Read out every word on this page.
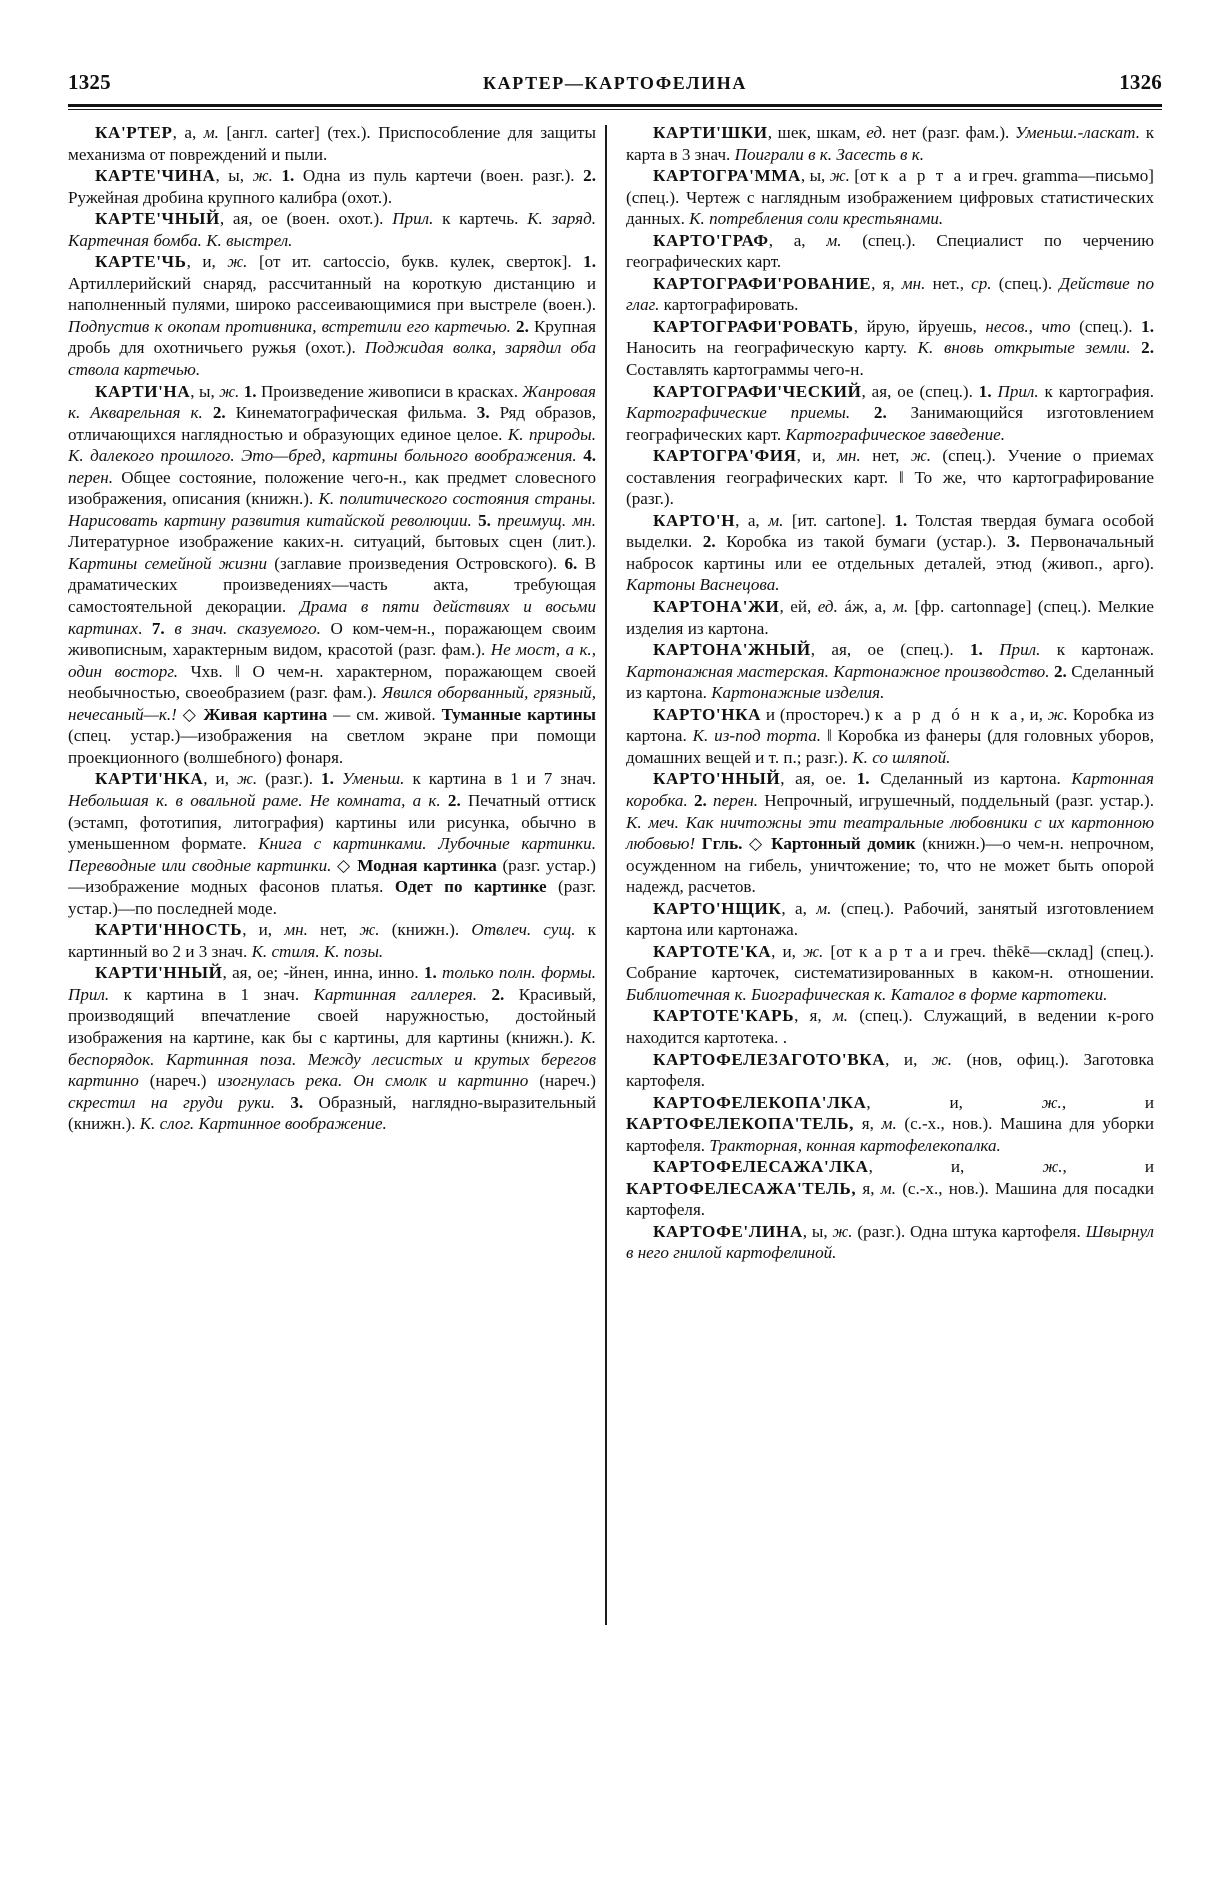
1325	КАРТЕР—КАРТОФЕЛИНА	1326

КА'РТЕР, а, м. [англ. carter] (тех.). Приспособление для защиты механизма от повреждений и пыли.

КАРТЕ'ЧИНА, ы, ж. 1. Одна из пуль картечи (воен. разг.). 2. Ружейная дробина крупного калибра (охот.).

КАРТЕ'ЧНЫЙ, ая, ое (воен. охот.). Прил. к картечь. К. заряд. Картечная бомба. К. выстрел.

КАРТЕ'ЧЬ, и, ж. [от ит. cartoccio, букв. кулек, сверток]. 1. Артиллерийский снаряд, рассчитанный на короткую дистанцию и наполненный пулями, широко рассеивающимися при выстреле (воен.). Подпустив к окопам противника, встретили его картечью. 2. Крупная дробь для охотничьего ружья (охот.). Поджидая волка, зарядил оба ствола картечью.

КАРТИ'НА, ы, ж. 1. Произведение живописи в красках. Жанровая к. Акварельная к. 2. Кинематографическая фильма. 3. Ряд образов, отличающихся наглядностью и образующих единое целое. К. природы. К. далекого прошлого. Это—бред, картины больного воображения. 4. перен. Общее состояние, положение чего-н., как предмет словесного изображения, описания (книжн.). К. политического состояния страны. Нарисовать картину развития китайской революции. 5. преимущ. мн. Литературное изображение каких-н. ситуаций, бытовых сцен (лит.). Картины семейной жизни (заглавие произведения Островского). 6. В драматических произведениях—часть акта, требующая самостоятельной декорации. Драма в пяти действиях и восьми картинах. 7. в знач. сказуемого. О ком-чем-н., поражающем своим живописным, характерным видом, красотой (разг. фам.). Не мост, а к., один восторг. Чхв. ‖ О чем-н. характерном, поражающем своей необычностью, своеобразием (разг. фам.). Явился оборванный, грязный, нечесаный—к.! ◇ Живая картина — см. живой. Туманные картины (спец. устар.)—изображения на светлом экране при помощи проекционного (волшебного) фонаря.

КАРТИ'НКА, и, ж. (разг.). 1. Уменьш. к картина в 1 и 7 знач. Небольшая к. в овальной раме. Не комната, а к. 2. Печатный оттиск (эстамп, фототипия, литография) картины или рисунка, обычно в уменьшенном формате. Книга с картинками. Лубочные картинки. Переводные или сводные картинки. ◇ Модная картинка (разг. устар.)—изображение модных фасонов платья. Одет по картинке (разг. устар.)—по последней моде.

КАРТИ'ННОСТЬ, и, мн. нет, ж. (книжн.). Отвлеч. сущ. к картинный во 2 и 3 знач. К. стиля. К. позы.

КАРТИ'ННЫЙ, ая, ое; -йнен, инна, инно. 1. только полн. формы. Прил. к картина в 1 знач. Картинная галлерея. 2. Красивый, производящий впечатление своей наружностью, достойный изображения на картине, как бы с картины, для картины (книжн.). К. беспорядок. Картинная поза. Между лесистых и крутых берегов картинно (нареч.) изогнулась река. Он смолк и картинно (нареч.) скрестил на груди руки. 3. Образный, наглядно-выразительный (книжн.). К. слог. Картинное воображение.

КАРТИ'ШКИ, шек, шкам, ед. нет (разг. фам.). Уменьш.-ласкат. к карта в 3 знач. Поиграли в к. Засесть в к.

КАРТОГРА'ММА, ы, ж. [от к а р т а и греч. gramma—письмо] (спец.). Чертеж с наглядным изображением цифровых статистических данных. К. потребления соли крестьянами.

КАРТО'ГРАФ, а, м. (спец.). Специалист по черчению географических карт.

КАРТОГРАФИ'РОВАНИЕ, я, мн. нет., ср. (спец.). Действие по глаг. картографировать.

КАРТОГРАФИ'РОВАТЬ, йрую, йруешь, несов., что (спец.). 1. Наносить на географическую карту. К. вновь открытые земли. 2. Составлять картограммы чего-н.

КАРТОГРАФИ'ЧЕСКИЙ, ая, ое (спец.). 1. Прил. к картография. Картографические приемы. 2. Занимающийся изготовлением географических карт. Картографическое заведение.

КАРТОГРА'ФИЯ, и, мн. нет, ж. (спец.). Учение о приемах составления географических карт. ‖ То же, что картографирование (разг.).

КАРТО'Н, а, м. [ит. cartone]. 1. Толстая твердая бумага особой выделки. 2. Коробка из такой бумаги (устар.). 3. Первоначальный набросок картины или ее отдельных деталей, этюд (живоп., арго). Картоны Васнецова.

КАРТОНА'ЖИ, ей, ед. áж, а, м. [фр. cartonnage] (спец.). Мелкие изделия из картона.

КАРТОНА'ЖНЫЙ, ая, ое (спец.). 1. Прил. к картонаж. Картонажная мастерская. Картонажное производство. 2. Сделанный из картона. Картонажные изделия.

КАРТО'НКА и (простореч.) к а р д ó н к а, и, ж. Коробка из картона. К. из-под торта. ‖ Коробка из фанеры (для головных уборов, домашних вещей и т. п.; разг.). К. со шляпой.

КАРТО'ННЫЙ, ая, ое. 1. Сделанный из картона. Картонная коробка. 2. перен. Непрочный, игрушечный, поддельный (разг. устар.). К. меч. Как ничтожны эти театральные любовники с их картонною любовью! Ггль. ◇ Картонный домик (книжн.)—о чем-н. непрочном, осужденном на гибель, уничтожение; то, что не может быть опорой надежд, расчетов.

КАРТО'НЩИК, а, м. (спец.). Рабочий, занятый изготовлением картона или картонажа.

КАРТОТЕ'КА, и, ж. [от к а р т а и греч. thēkē—склад] (спец.). Собрание карточек, систематизированных в каком-н. отношении. Библиотечная к. Биографическая к. Каталог в форме картотеки.

КАРТОТЕ'КАРЬ, я, м. (спец.). Служащий, в ведении к-рого находится картотека. .

КАРТОФЕЛЕЗАГОТО'ВКА, и, ж. (нов, офиц.). Заготовка картофеля.

КАРТОФЕЛЕКОПА'ЛКА, и, ж., и КАРТОФЕЛЕКОПА'ТЕЛЬ, я, м. (с.-х., нов.). Машина для уборки картофеля. Тракторная, конная картофелекопалка.

КАРТОФЕЛЕСАЖА'ЛКА, и, ж., и КАРТОФЕЛЕСАЖА'ТЕЛЬ, я, м. (с.-х., нов.). Машина для посадки картофеля.

КАРТОФЕ'ЛИНА, ы, ж. (разг.). Одна штука картофеля. Швырнул в него гнилой картофелиной.
